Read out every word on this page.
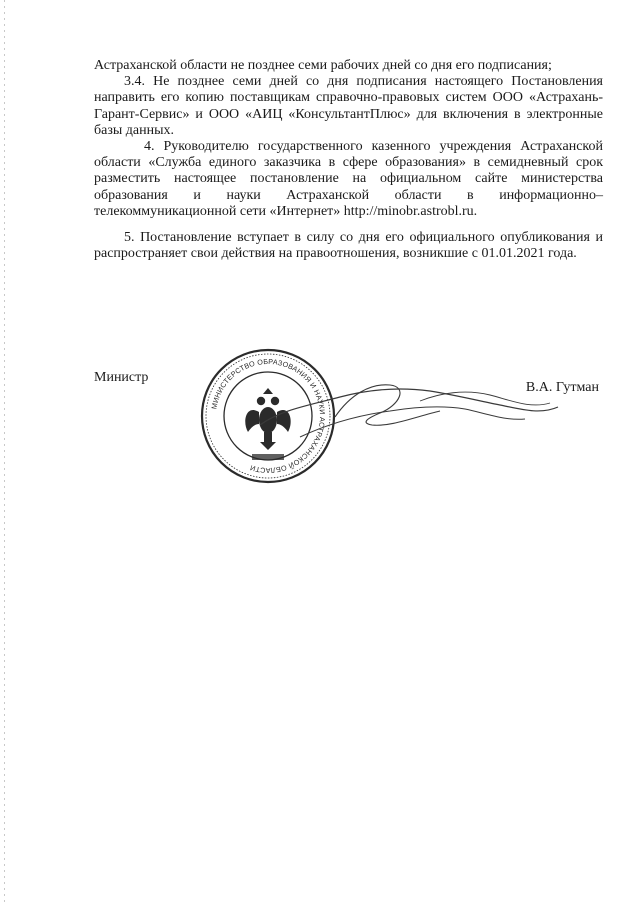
Астраханской области не позднее семи рабочих дней со дня его подписания;

3.4. Не позднее семи дней со дня подписания настоящего Постановления направить его копию поставщикам справочно-правовых систем ООО «Астрахань-Гарант-Сервис» и ООО «АИЦ «КонсультантПлюс» для включения в электронные базы данных.

4. Руководителю государственного казенного учреждения Астраханской области «Служба единого заказчика в сфере образования» в семидневный срок разместить настоящее постановление на официальном сайте министерства образования и науки Астраханской области в информационно–телекоммуникационной сети «Интернет» http://minobr.astrobl.ru.

5. Постановление вступает в силу со дня его официального опубликования и распространяет свои действия на правоотношения, возникшие с 01.01.2021 года.

МИНИСТЕРСТВО ОБРАЗОВАНИЯ И НАУКИ АСТРАХАНСКОЙ ОБЛАСТИ
Министр
В.А. Гутман
